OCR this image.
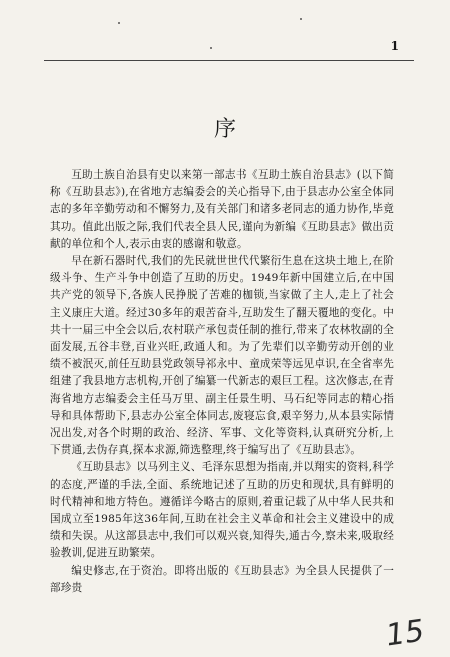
1
序

互助土族自治县有史以来第一部志书《互助土族自治县志》(以下简称《互助县志》),在省地方志编委会的关心指导下,由于县志办公室全体同志的多年辛勤劳动和不懈努力,及有关部门和诸多老同志的通力协作,毕竟其功。值此出版之际,我们代表全县人民,谨向为新编《互助县志》做出贡献的单位和个人,表示由衷的感谢和敬意。

早在新石器时代,我们的先民就世世代代繁衍生息在这块土地上,在阶级斗争、生产斗争中创造了互助的历史。1949年新中国建立后,在中国共产党的领导下,各族人民挣脱了苦难的枷锁,当家做了主人,走上了社会主义康庄大道。经过30多年的艰苦奋斗,互助发生了翻天覆地的变化。中共十一届三中全会以后,农村联产承包责任制的推行,带来了农林牧副的全面发展,五谷丰登,百业兴旺,政通人和。为了先辈们以辛勤劳动开创的业绩不被泯灭,前任互助县党政领导祁永中、童成荣等远见卓识,在全省率先组建了我县地方志机构,开创了编纂一代新志的艰巨工程。这次修志,在青海省地方志编委会主任马万里、副主任景生明、马石纪等同志的精心指导和具体帮助下,县志办公室全体同志,废寝忘食,艰辛努力,从本县实际情况出发,对各个时期的政治、经济、军事、文化等资料,认真研究分析,上下贯通,去伪存真,探本求源,筛选整理,终于编写出了《互助县志》。

《互助县志》以马列主义、毛泽东思想为指南,并以翔实的资料,科学的态度,严谨的手法,全面、系统地记述了互助的历史和现状,具有鲜明的时代精神和地方特色。遵循详今略古的原则,着重记载了从中华人民共和国成立至1985年这36年间,互助在社会主义革命和社会主义建设中的成绩和失误。从这部县志中,我们可以观兴衰,知得失,通古今,察未来,吸取经验教训,促进互助繁荣。

编史修志,在于资治。即将出版的《互助县志》为全县人民提供了一部珍贵

15
